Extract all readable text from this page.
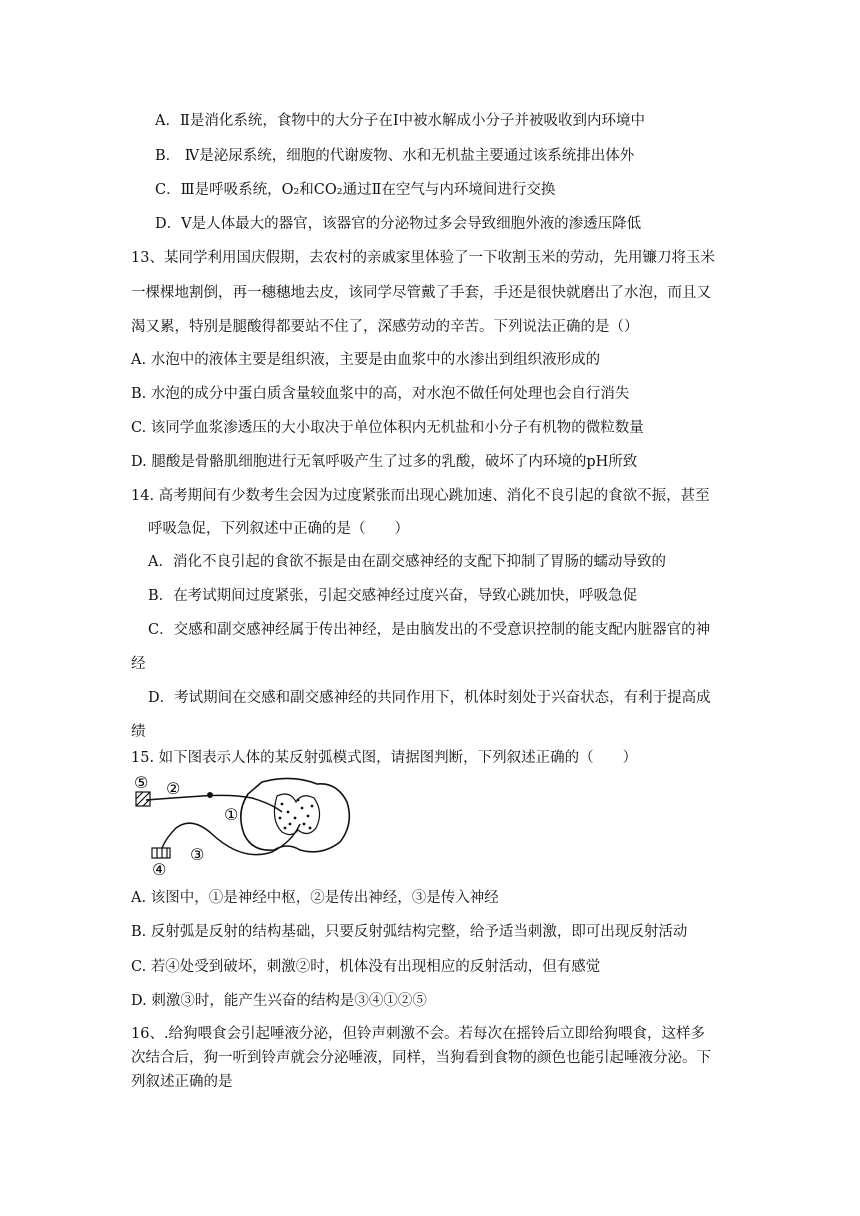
A．Ⅱ是消化系统，食物中的大分子在Ⅰ中被水解成小分子并被吸收到内环境中
B． Ⅳ是泌尿系统，细胞的代谢废物、水和无机盐主要通过该系统排出体外
C．Ⅲ是呼吸系统，O₂和CO₂通过Ⅱ在空气与内环境间进行交换
D．Ⅴ是人体最大的器官，该器官的分泌物过多会导致细胞外液的渗透压降低
13、某同学利用国庆假期，去农村的亲戚家里体验了一下收割玉米的劳动，先用镰刀将玉米
一棵棵地割倒，再一穗穗地去皮，该同学尽管戴了手套，手还是很快就磨出了水泡，而且又
渴又累，特别是腿酸得都要站不住了，深感劳动的辛苦。下列说法正确的是（）
A. 水泡中的液体主要是组织液，主要是由血浆中的水渗出到组织液形成的
B. 水泡的成分中蛋白质含量较血浆中的高，对水泡不做任何处理也会自行消失
C. 该同学血浆渗透压的大小取决于单位体积内无机盐和小分子有机物的微粒数量
D. 腿酸是骨骼肌细胞进行无氧呼吸产生了过多的乳酸，破坏了内环境的pH所致
14. 高考期间有少数考生会因为过度紧张而出现心跳加速、消化不良引起的食欲不振，甚至
呼吸急促，下列叙述中正确的是（　　）
A．消化不良引起的食欲不振是由在副交感神经的支配下抑制了胃肠的蠕动导致的
B．在考试期间过度紧张，引起交感神经过度兴奋，导致心跳加快，呼吸急促
C．交感和副交感神经属于传出神经，是由脑发出的不受意识控制的能支配内脏器官的神
经
D．考试期间在交感和副交感神经的共同作用下，机体时刻处于兴奋状态，有利于提高成
绩
15. 如下图表示人体的某反射弧模式图，请据图判断，下列叙述正确的（　　）
⑤ ②
①
④
③
A. 该图中，①是神经中枢，②是传出神经，③是传入神经
B. 反射弧是反射的结构基础，只要反射弧结构完整，给予适当刺激，即可出现反射活动
C. 若④处受到破坏，刺激②时，机体没有出现相应的反射活动，但有感觉
D. 刺激③时，能产生兴奋的结构是③④①②⑤
16、.给狗喂食会引起唾液分泌，但铃声刺激不会。若每次在摇铃后立即给狗喂食，这样多
次结合后，狗一听到铃声就会分泌唾液，同样，当狗看到食物的颜色也能引起唾液分泌。下
列叙述正确的是
